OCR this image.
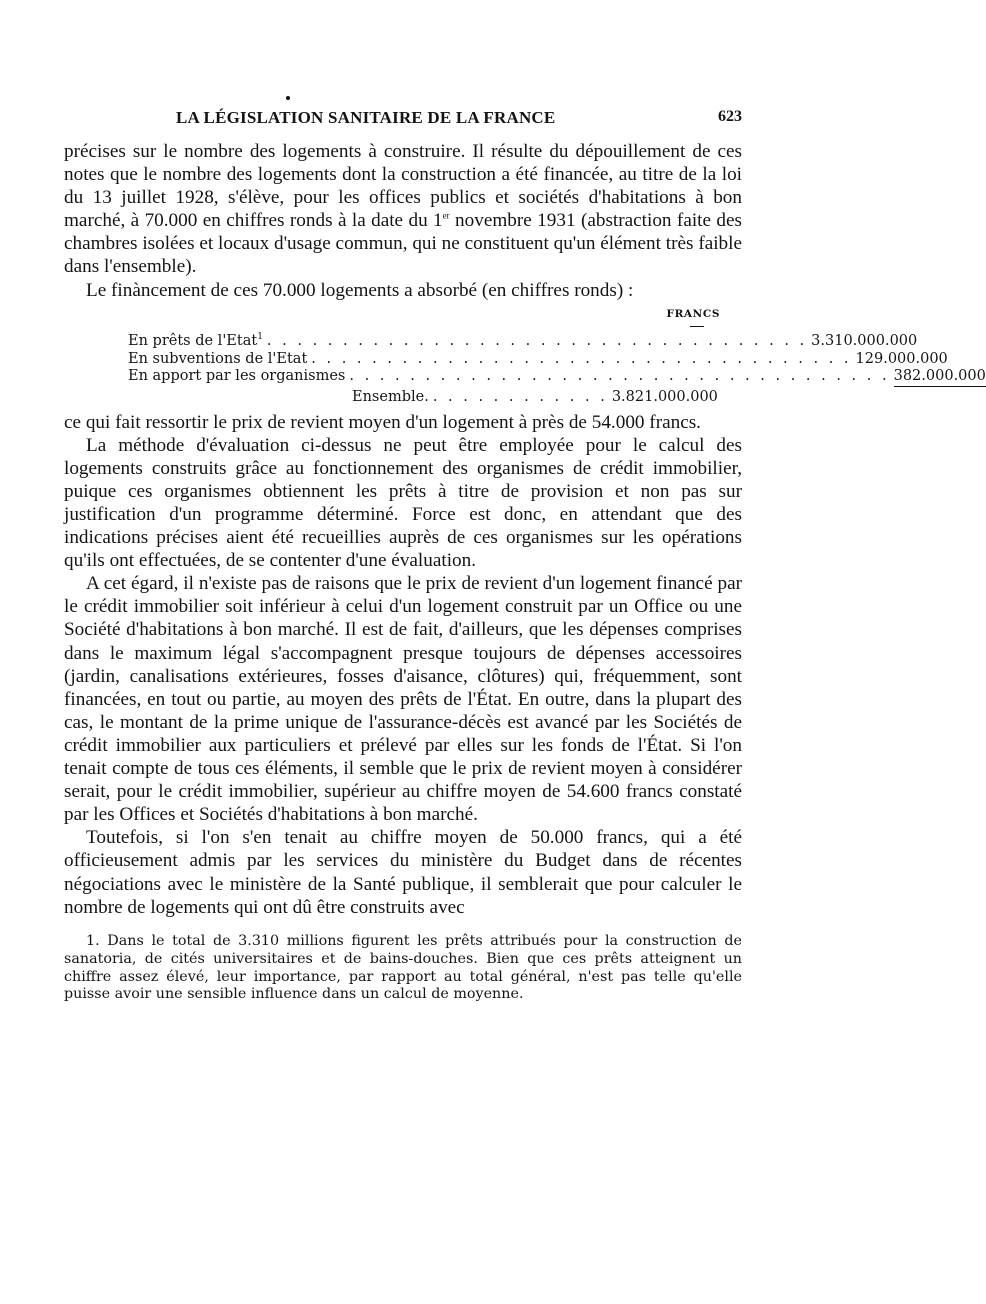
LA LÉGISLATION SANITAIRE DE LA FRANCE	623

précises sur le nombre des logements à construire. Il résulte du dépouillement de ces notes que le nombre des logements dont la construction a été financée, au titre de la loi du 13 juillet 1928, s'élève, pour les offices publics et sociétés d'habitations à bon marché, à 70.000 en chiffres ronds à la date du 1er novembre 1931 (abstraction faite des chambres isolées et locaux d'usage commun, qui ne constituent qu'un élément très faible dans l'ensemble).

Le finàncement de ces 70.000 logements a absorbé (en chiffres ronds) :

FRANCS
En prêts de l'Etat$^1$ . . . . . . . . . . . . . . . . . . . . . . . . . . . . . . . . . . . . 3.310.000.000
En subventions de l'Etat . . . . . . . . . . . . . . . . . . . . . . . . . . . . . . . . . . . . 129.000.000
En apport par les organismes . . . . . . . . . . . . . . . . . . . . . . . . . . . . . . . . . . . . 382.000.000
Ensemble. . . . . . . . . . . . . 3.821.000.000

ce qui fait ressortir le prix de revient moyen d'un logement à près de 54.000 francs.

La méthode d'évaluation ci-dessus ne peut être employée pour le calcul des logements construits grâce au fonctionnement des organismes de crédit immobilier, puique ces organismes obtiennent les prêts à titre de provision et non pas sur justification d'un programme déterminé. Force est donc, en attendant que des indications précises aient été recueillies auprès de ces organismes sur les opérations qu'ils ont effectuées, de se contenter d'une évaluation.

A cet égard, il n'existe pas de raisons que le prix de revient d'un logement financé par le crédit immobilier soit inférieur à celui d'un logement construit par un Office ou une Société d'habitations à bon marché. Il est de fait, d'ailleurs, que les dépenses comprises dans le maximum légal s'accompagnent presque toujours de dépenses accessoires (jardin, canalisations extérieures, fosses d'aisance, clôtures) qui, fréquemment, sont financées, en tout ou partie, au moyen des prêts de l'État. En outre, dans la plupart des cas, le montant de la prime unique de l'assurance-décès est avancé par les Sociétés de crédit immobilier aux particuliers et prélevé par elles sur les fonds de l'État. Si l'on tenait compte de tous ces éléments, il semble que le prix de revient moyen à considérer serait, pour le crédit immobilier, supérieur au chiffre moyen de 54.600 francs constaté par les Offices et Sociétés d'habitations à bon marché.

Toutefois, si l'on s'en tenait au chiffre moyen de 50.000 francs, qui a été officieusement admis par les services du ministère du Budget dans de récentes négociations avec le ministère de la Santé publique, il semblerait que pour calculer le nombre de logements qui ont dû être construits avec

1. Dans le total de 3.310 millions figurent les prêts attribués pour la construction de sanatoria, de cités universitaires et de bains-douches. Bien que ces prêts atteignent un chiffre assez élevé, leur importance, par rapport au total général, n'est pas telle qu'elle puisse avoir une sensible influence dans un calcul de moyenne.
